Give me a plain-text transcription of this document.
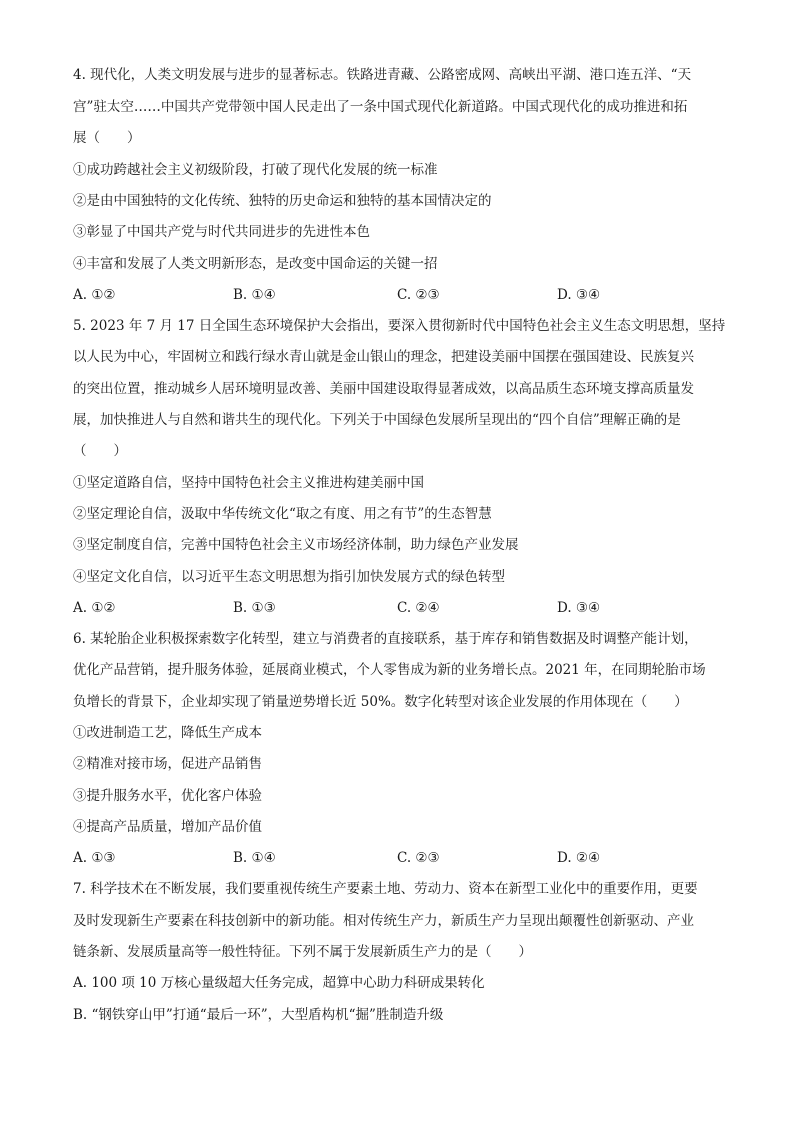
4. 现代化，人类文明发展与进步的显著标志。铁路进青藏、公路密成网、高峡出平湖、港口连五洋、“天
宫”驻太空……中国共产党带领中国人民走出了一条中国式现代化新道路。中国式现代化的成功推进和拓
展（　　）
①成功跨越社会主义初级阶段，打破了现代化发展的统一标准
②是由中国独特的文化传统、独特的历史命运和独特的基本国情决定的
③彰显了中国共产党与时代共同进步的先进性本色
④丰富和发展了人类文明新形态，是改变中国命运的关键一招
A. ①②	B. ①④	C. ②③	D. ③④
5. 2023 年 7 月 17 日全国生态环境保护大会指出，要深入贯彻新时代中国特色社会主义生态文明思想，坚持
以人民为中心，牢固树立和践行绿水青山就是金山银山的理念，把建设美丽中国摆在强国建设、民族复兴
的突出位置，推动城乡人居环境明显改善、美丽中国建设取得显著成效，以高品质生态环境支撑高质量发
展，加快推进人与自然和谐共生的现代化。下列关于中国绿色发展所呈现出的“四个自信”理解正确的是
（　　）
①坚定道路自信，坚持中国特色社会主义推进构建美丽中国
②坚定理论自信，汲取中华传统文化“取之有度、用之有节”的生态智慧
③坚定制度自信，完善中国特色社会主义市场经济体制，助力绿色产业发展
④坚定文化自信，以习近平生态文明思想为指引加快发展方式的绿色转型
A. ①②	B. ①③	C. ②④	D. ③④
6. 某轮胎企业积极探索数字化转型，建立与消费者的直接联系，基于库存和销售数据及时调整产能计划，
优化产品营销，提升服务体验，延展商业模式，个人零售成为新的业务增长点。2021 年，在同期轮胎市场
负增长的背景下，企业却实现了销量逆势增长近 50%。数字化转型对该企业发展的作用体现在（　　）
①改进制造工艺，降低生产成本
②精准对接市场，促进产品销售
③提升服务水平，优化客户体验
④提高产品质量，增加产品价值
A. ①③	B. ①④	C. ②③	D. ②④
7. 科学技术在不断发展，我们要重视传统生产要素土地、劳动力、资本在新型工业化中的重要作用，更要
及时发现新生产要素在科技创新中的新功能。相对传统生产力，新质生产力呈现出颠覆性创新驱动、产业
链条新、发展质量高等一般性特征。下列不属于发展新质生产力的是（　　）
A. 100 项 10 万核心量级超大任务完成，超算中心助力科研成果转化
B. “钢铁穿山甲”打通“最后一环”，大型盾构机“掘”胜制造升级
